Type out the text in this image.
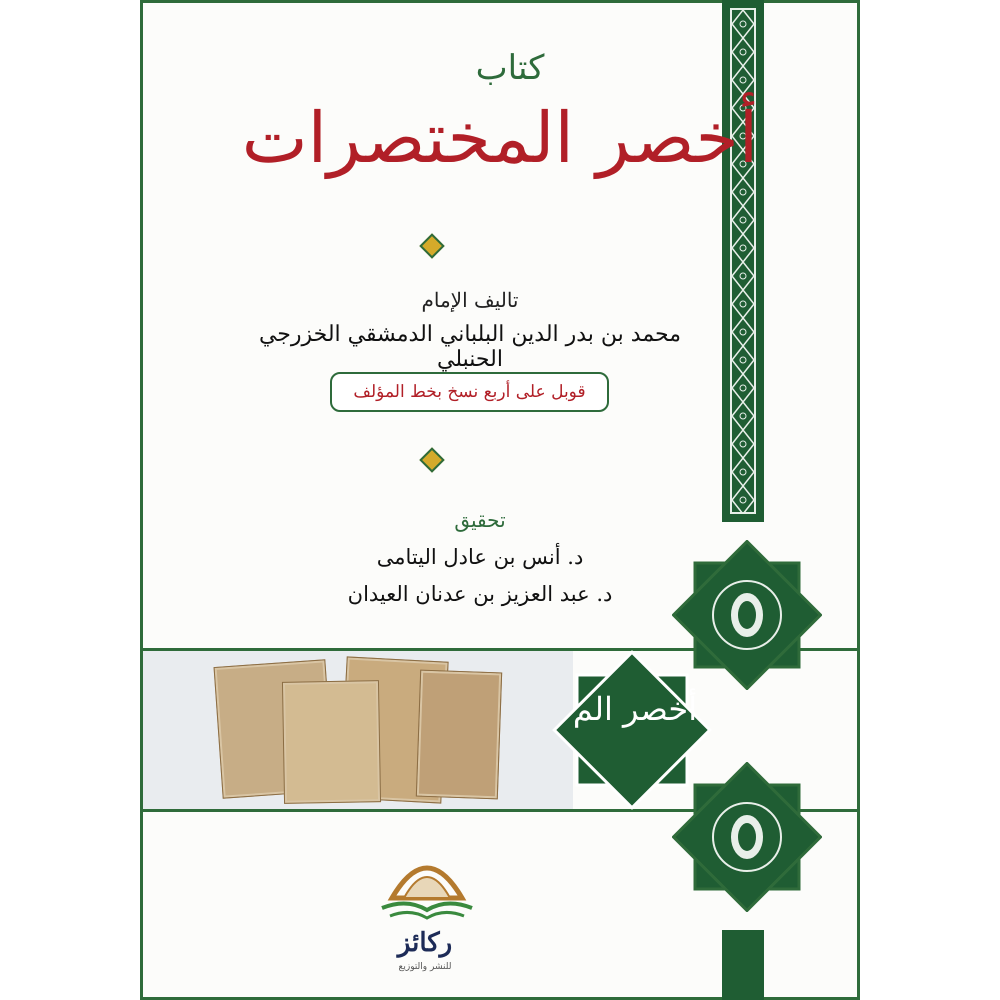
كتاب
أخصر المختصرات
تاليف الإمام
محمد بن بدر الدين البلباني الدمشقي الخزرجي الحنبلي
قوبل على أربع نسخ بخط المؤلف
تحقيق
د. أنس بن عادل اليتامى
د. عبد العزيز بن عدنان العيدان
أخصر الم
ركائز
للنشر والتوزيع
